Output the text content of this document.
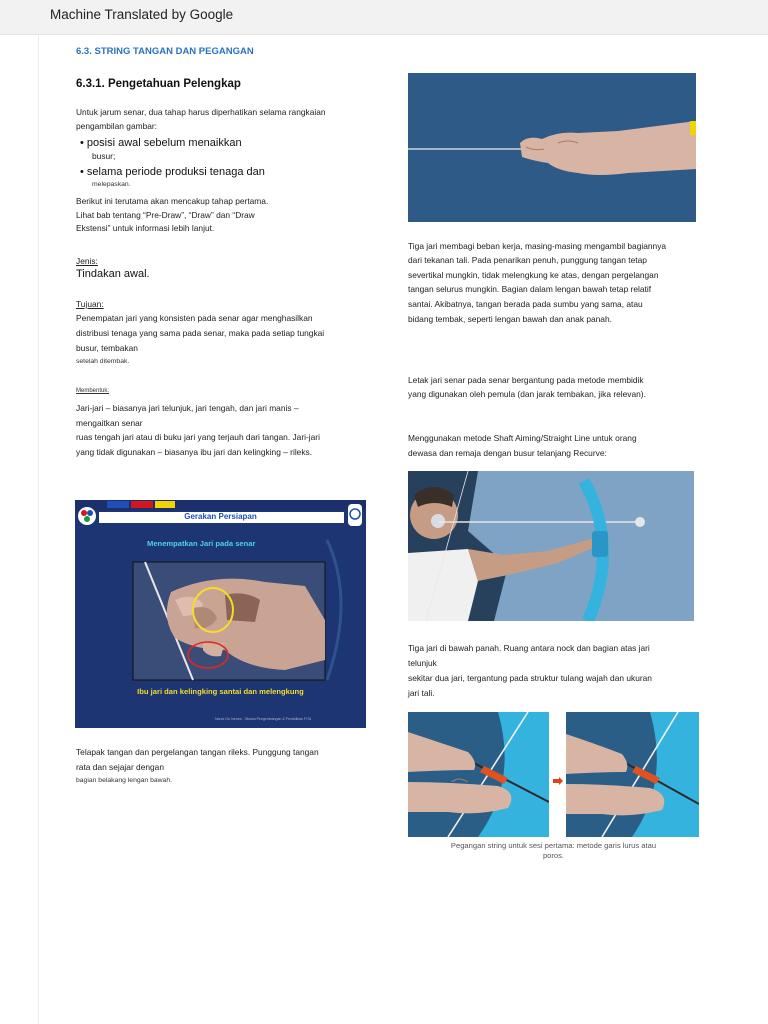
Machine Translated by Google
6.3. STRING TANGAN DAN PEGANGAN
6.3.1. Pengetahuan Pelengkap
Untuk jarum senar, dua tahap harus diperhatikan selama rangkaian
pengambilan gambar:
• posisi awal sebelum menaikkan
busur;
• selama periode produksi tenaga dan
melepaskan.
Berikut ini terutama akan mencakup tahap pertama.
Lihat bab tentang “Pre-Draw”, “Draw” dan “Draw
Ekstensi” untuk informasi lebih lanjut.
Jenis:
Tindakan awal.
Tujuan:
Penempatan jari yang konsisten pada senar agar menghasilkan
distribusi tenaga yang sama pada senar, maka pada setiap tungkai
busur, tembakan
setelah ditembak.
Membentuk:
Jari-jari – biasanya jari telunjuk, jari tengah, dan jari manis –
mengaitkan senar
ruas tengah jari atau di buku jari yang terjauh dari tangan. Jari-jari
yang tidak digunakan – biasanya ibu jari dan kelingking – rileks.
Gerakan Persiapan
Menempatkan Jari pada senar
Ibu jari dan kelingking santai dan melengkung
Nanot Gu Inenes - Otsuka Pengembangan & Pendidikan FITA
Telapak tangan dan pergelangan tangan rileks. Punggung tangan
rata dan sejajar dengan
bagian belakang lengan bawah.
Tiga jari membagi beban kerja, masing-masing mengambil bagiannya
dari tekanan tali. Pada penarikan penuh, punggung tangan tetap
severtikal mungkin, tidak melengkung ke atas, dengan pergelangan
tangan selurus mungkin. Bagian dalam lengan bawah tetap relatif
santai. Akibatnya, tangan berada pada sumbu yang sama, atau
bidang tembak, seperti lengan bawah dan anak panah.
Letak jari senar pada senar bergantung pada metode membidik
yang digunakan oleh pemula (dan jarak tembakan, jika relevan).
Menggunakan metode Shaft Aiming/Straight Line untuk orang
dewasa dan remaja dengan busur telanjang Recurve:
Tiga jari di bawah panah. Ruang antara nock dan bagian atas jari
telunjuk
sekitar dua jari, tergantung pada struktur tulang wajah dan ukuran
jari tali.
Pegangan string untuk sesi pertama: metode garis lurus atau
poros.
